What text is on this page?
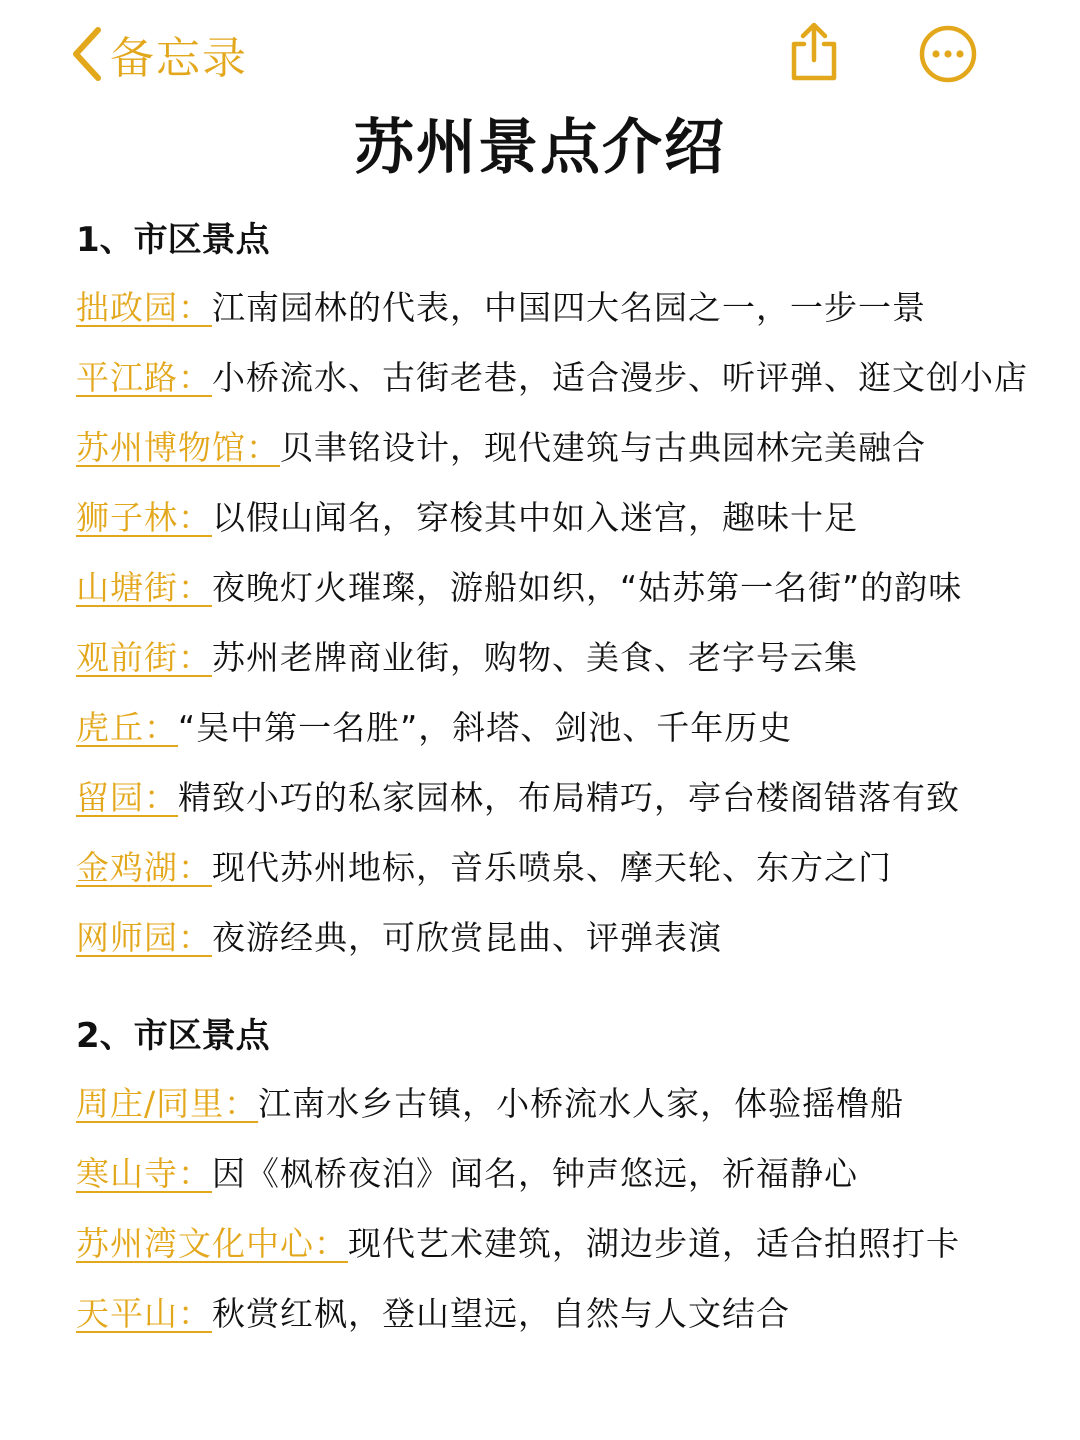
备忘录
苏州景点介绍
1、市区景点
拙政园：江南园林的代表，中国四大名园之一，一步一景
平江路：小桥流水、古街老巷，适合漫步、听评弹、逛文创小店
苏州博物馆：贝聿铭设计，现代建筑与古典园林完美融合
狮子林：以假山闻名，穿梭其中如入迷宫，趣味十足
山塘街：夜晚灯火璀璨，游船如织，“姑苏第一名街”的韵味
观前街：苏州老牌商业街，购物、美食、老字号云集
虎丘：“吴中第一名胜”，斜塔、剑池、千年历史
留园：精致小巧的私家园林，布局精巧，亭台楼阁错落有致
金鸡湖：现代苏州地标，音乐喷泉、摩天轮、东方之门
网师园：夜游经典，可欣赏昆曲、评弹表演
2、市区景点
周庄/同里：江南水乡古镇，小桥流水人家，体验摇橹船
寒山寺：因《枫桥夜泊》闻名，钟声悠远，祈福静心
苏州湾文化中心：现代艺术建筑，湖边步道，适合拍照打卡
天平山：秋赏红枫，登山望远，自然与人文结合
